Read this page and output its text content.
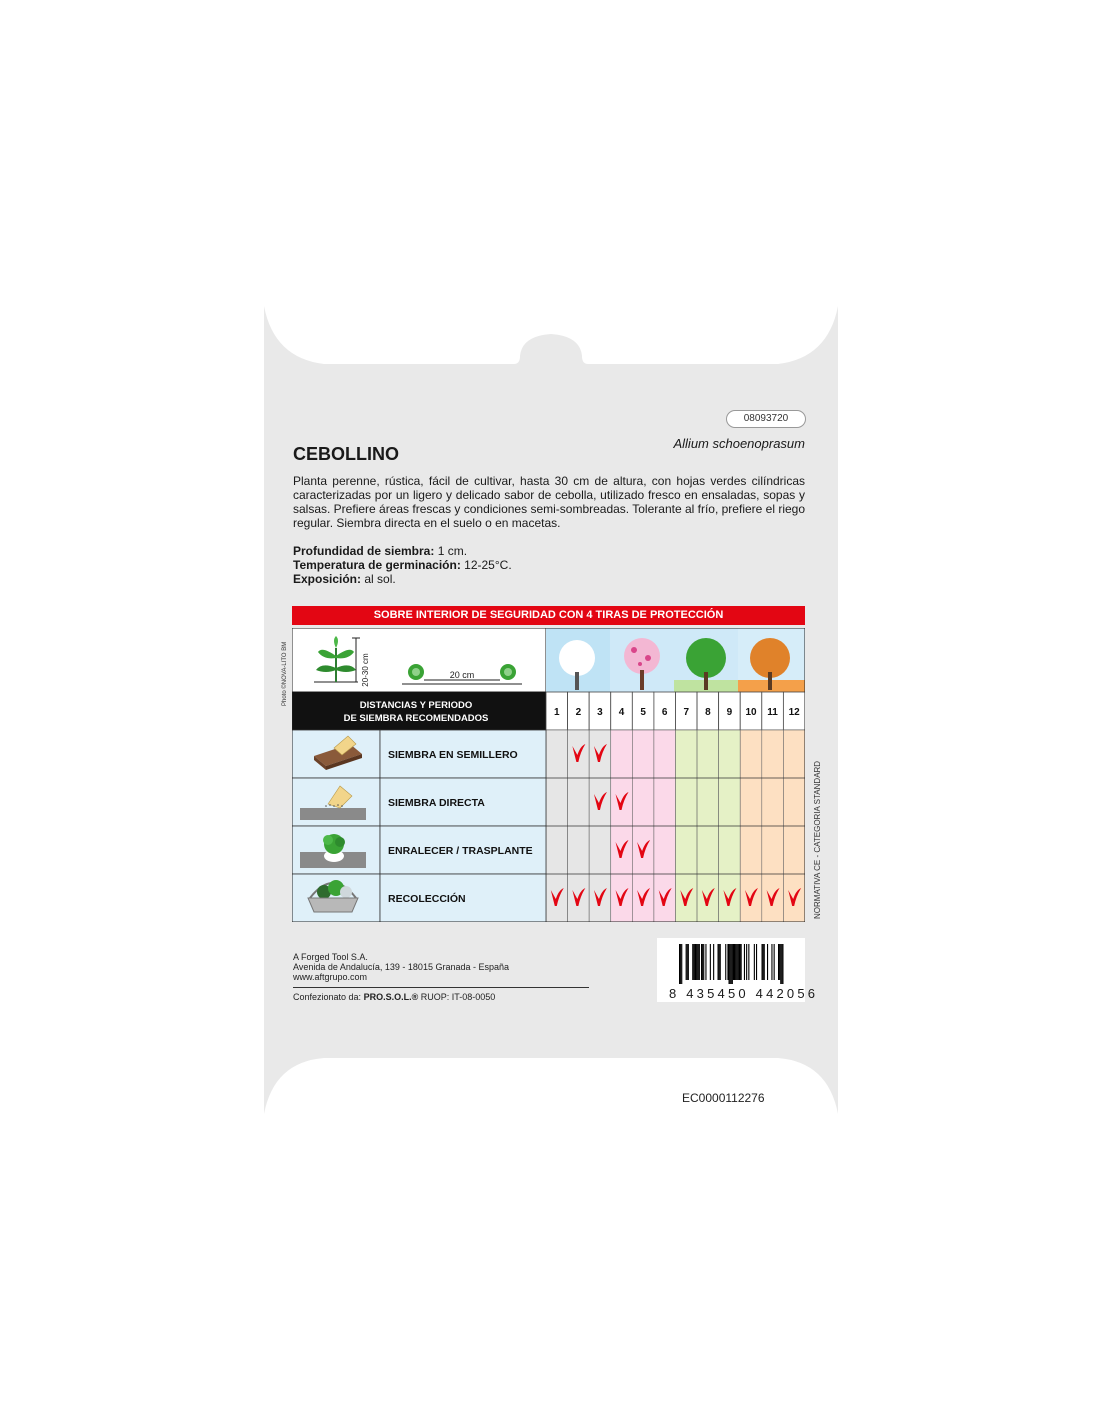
08093720
CEBOLLINO
Allium schoenoprasum

Planta perenne, rústica, fácil de cultivar, hasta 30 cm de altura, con hojas verdes cilíndricas caracterizadas por un ligero y delicado sabor de cebolla, utilizado fresco en ensaladas, sopas y salsas. Prefiere áreas frescas y condiciones semi-sombreadas. Tolerante al frío, prefiere el riego regular. Siembra directa en el suelo o en macetas.

Profundidad de siembra: 1 cm.
Temperatura de germinación: 12-25°C.
Exposición: al sol.
SOBRE INTERIOR DE SEGURIDAD CON 4 TIRAS DE PROTECCIÓN
Photo ©NOVA-LITO BM
NORMATIVA CE - CATEGORIA STANDARD
20-30 cm	20 cm
DISTANCIAS Y PERIODO
DE SIEMBRA RECOMENDADOS
1 2 3 4 5 6 7 8 9 10 11 12
SIEMBRA EN SEMILLERO
SIEMBRA DIRECTA
ENRALECER / TRASPLANTE
RECOLECCIÓN
A Forged Tool S.A.
Avenida de Andalucía, 139 - 18015 Granada - España
www.aftgrupo.com
Confezionato da: PRO.S.O.L.® RUOP: IT-08-0050	8 435450 442056
EC0000112276
